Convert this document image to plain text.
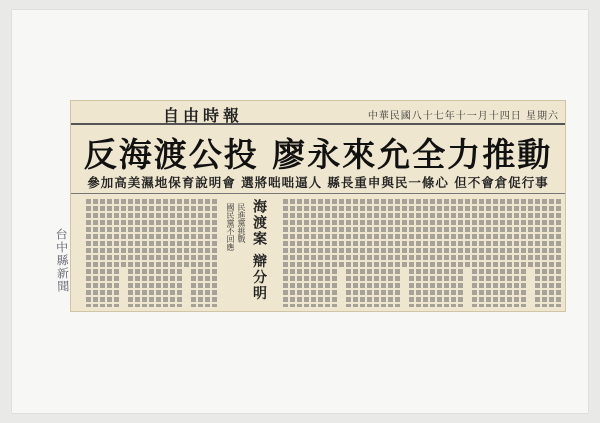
自由時報	中華民國八十七年十一月十四日 星期六
反海渡公投 廖永來允全力推動
參加高美濕地保育說明會 選將咄咄逼人 縣長重申與民一條心 但不會倉促行事
海渡案 辯分明
民進黨挑戰
國民黨不回應
台中縣新聞
